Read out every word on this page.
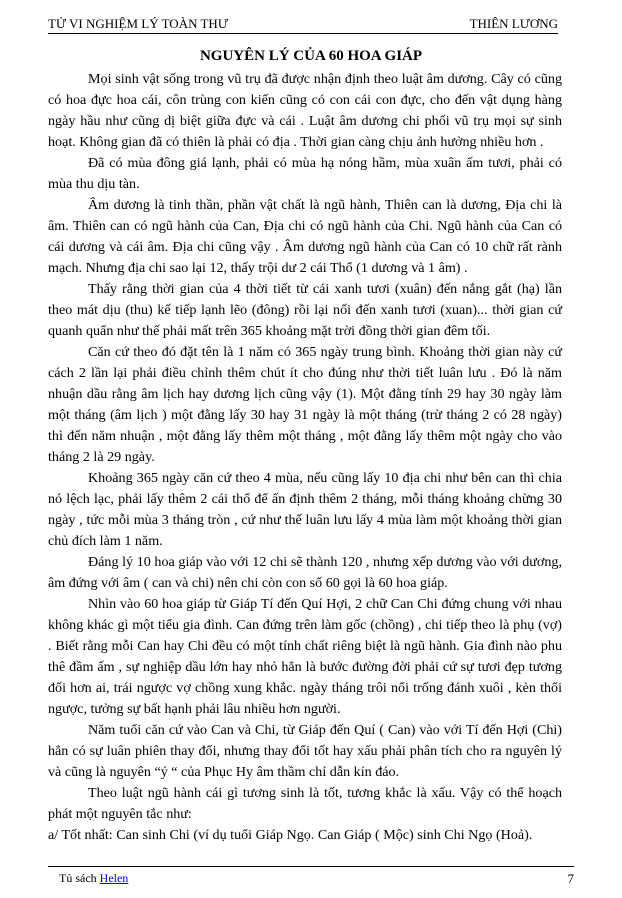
TỬ VI NGHIỆM LÝ TOÀN THƯ	THIÊN LƯƠNG
NGUYÊN LÝ CỦA 60 HOA GIÁP

Mọi sinh vật sống trong vũ trụ đã được nhận định theo luật âm dương. Cây có cũng có hoa đực hoa cái, côn trùng con kiến cũng có con cái con đực, cho đến vật dụng hàng ngày hầu như cũng dị biệt giữa đực và cái . Luật âm dương chi phối vũ trụ mọi sự sinh hoạt. Không gian đã có thiên là phải có địa . Thời gian càng chịu ảnh hưởng nhiều hơn .

Đã có mùa đông giá lạnh, phải có mùa hạ nóng hầm, mùa xuân ấm tươi, phải có mùa thu dịu tàn.

Âm dương là tinh thần, phần vật chất là ngũ hành, Thiên can là dương, Địa chi là âm. Thiên can có ngũ hành của Can, Địa chi có ngũ hành của Chi. Ngũ hành của Can có cái dương và cái âm. Địa chi cũng vậy . Âm dương ngũ hành của Can có 10 chữ rất rành mạch. Nhưng địa chi sao lại 12, thấy trội dư 2 cái Thổ (1 dương và 1 âm) .

Thấy rằng thời gian của 4 thời tiết từ cái xanh tươi (xuân) đến nắng gắt (hạ) lần theo mát dịu (thu) kế tiếp lạnh lẽo (đông) rồi lại nối đến xanh tươi (xuan)... thời gian cứ quanh quẩn như thế phải mất trên 365 khoảng mặt trời đồng thời gian đêm tối.

Căn cứ theo đó đặt tên là 1 năm có 365 ngày trung bình. Khoảng thời gian này cứ cách 2 lần lại phải điều chỉnh thêm chút ít cho đúng như thời tiết luân lưu . Đó là năm nhuận dầu rằng âm lịch hay dương lịch cũng vậy (1). Một đằng tính 29 hay 30 ngày làm một tháng (âm lịch ) một đằng lấy 30 hay 31 ngày là một tháng (trừ tháng 2 có 28 ngày) thì đến năm nhuận , một đằng lấy thêm một tháng , một đằng lấy thêm một ngày cho vào tháng 2 là 29 ngày.

Khoảng 365 ngày căn cứ theo 4 mùa, nếu cũng lấy 10 địa chi như bên can thì chia nó lệch lạc, phải lấy thêm 2 cái thổ để ấn định thêm 2 tháng, mỗi tháng khoảng chừng 30 ngày , tức mỗi mùa 3 tháng tròn , cứ như thế luân lưu lấy 4 mùa làm một khoảng thời gian chủ đích làm 1 năm.

Đáng lý 10 hoa giáp vào với 12 chi sẽ thành 120 , nhưng xếp dương vào với dương, âm đứng với âm ( can và chi) nên chi còn con số 60 gọi là 60 hoa giáp.

Nhìn vào 60 hoa giáp từ Giáp Tí đến Quí Hợi, 2 chữ Can Chi đứng chung với nhau không khác gì một tiểu gia đình. Can đứng trên làm gốc (chồng) , chi tiếp theo là phụ (vợ) . Biết rằng mỗi Can hay Chi đều có một tính chất riêng biệt là ngũ hành. Gia đình nào phu thê đầm ấm , sự nghiệp dầu lớn hay nhỏ hẳn là bước đường đời phải cứ sự tươi đẹp tương đối hơn ai, trái ngược vợ chồng xung khắc. ngày tháng trôi nổi trống đánh xuôi , kèn thổi ngược, tưởng sự bất hạnh phải lâu nhiều hơn người.

Năm tuổi căn cứ vào Can và Chi, từ Giáp đến Quí ( Can) vào với Tí đến Hợi (Chi) hẳn có sự luân phiên thay đổi, nhưng thay đổi tốt hay xấu phải phân tích cho ra nguyên lý và cũng là nguyên “ý “ của Phục Hy âm thầm chỉ dẫn kín đáo.

Theo luật ngũ hành cái gì tương sinh là tốt, tương khắc là xấu. Vậy có thể hoạch phát một nguyên tắc như:

a/ Tốt nhất: Can sinh Chi (ví dụ tuổi Giáp Ngọ. Can Giáp ( Mộc) sinh Chi Ngọ (Hoả).

Tủ sách Helen	7
